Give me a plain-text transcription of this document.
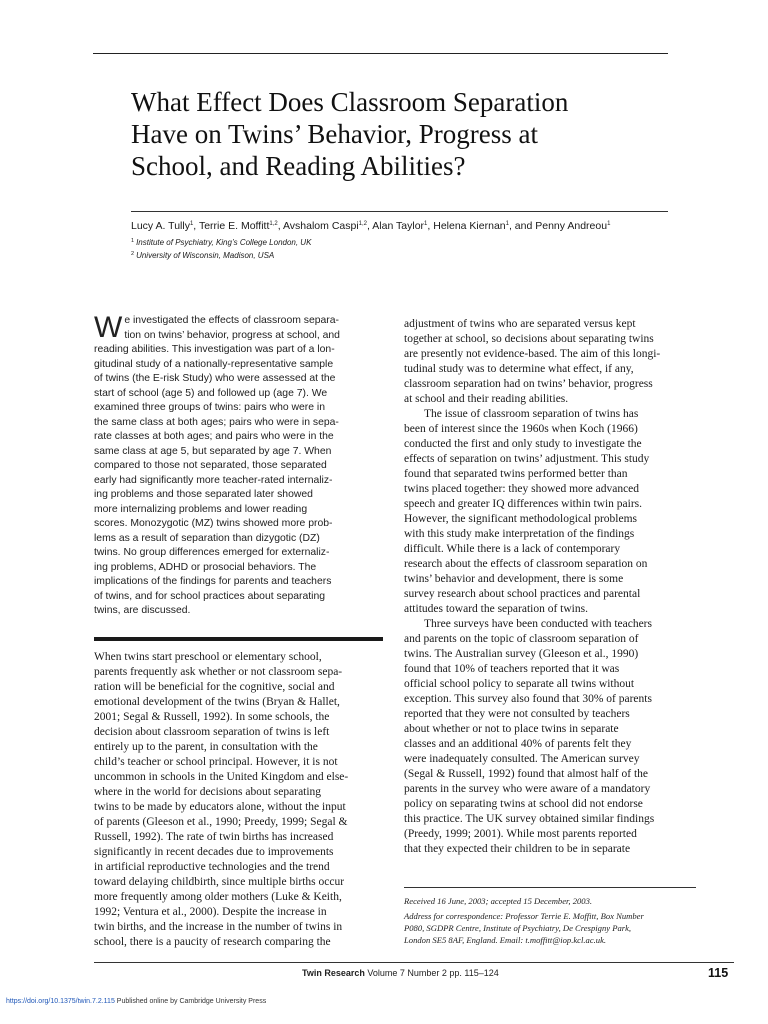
What Effect Does Classroom Separation
Have on Twins’ Behavior, Progress at
School, and Reading Abilities?
Lucy A. Tully$^1$, Terrie E. Moffitt$^{1,2}$, Avshalom Caspi$^{1,2}$, Alan Taylor$^1$, Helena Kiernan$^1$, and Penny Andreou$^1$
$^1$ Institute of Psychiatry, King’s College London, UK
$^2$ University of Wisconsin, Madison, USA
W e investigated the effects of classroom separa-
tion on twins’ behavior, progress at school, and
reading abilities. This investigation was part of a lon-
gitudinal study of a nationally-representative sample
of twins (the E-risk Study) who were assessed at the
start of school (age 5) and followed up (age 7). We
examined three groups of twins: pairs who were in
the same class at both ages; pairs who were in sepa-
rate classes at both ages; and pairs who were in the
same class at age 5, but separated by age 7. When
compared to those not separated, those separated
early had significantly more teacher-rated internaliz-
ing problems and those separated later showed
more internalizing problems and lower reading
scores. Monozygotic (MZ) twins showed more prob-
lems as a result of separation than dizygotic (DZ)
twins. No group differences emerged for externaliz-
ing problems, ADHD or prosocial behaviors. The
implications of the findings for parents and teachers
of twins, and for school practices about separating
twins, are discussed.
When twins start preschool or elementary school,
parents frequently ask whether or not classroom sepa-
ration will be beneficial for the cognitive, social and
emotional development of the twins (Bryan & Hallet,
2001; Segal & Russell, 1992). In some schools, the
decision about classroom separation of twins is left
entirely up to the parent, in consultation with the
child’s teacher or school principal. However, it is not
uncommon in schools in the United Kingdom and else-
where in the world for decisions about separating
twins to be made by educators alone, without the input
of parents (Gleeson et al., 1990; Preedy, 1999; Segal &
Russell, 1992). The rate of twin births has increased
significantly in recent decades due to improvements
in artificial reproductive technologies and the trend
toward delaying childbirth, since multiple births occur
more frequently among older mothers (Luke & Keith,
1992; Ventura et al., 2000). Despite the increase in
twin births, and the increase in the number of twins in
school, there is a paucity of research comparing the
adjustment of twins who are separated versus kept
together at school, so decisions about separating twins
are presently not evidence-based. The aim of this longi-
tudinal study was to determine what effect, if any,
classroom separation had on twins’ behavior, progress
at school and their reading abilities.
The issue of classroom separation of twins has
been of interest since the 1960s when Koch (1966)
conducted the first and only study to investigate the
effects of separation on twins’ adjustment. This study
found that separated twins performed better than
twins placed together: they showed more advanced
speech and greater IQ differences within twin pairs.
However, the significant methodological problems
with this study make interpretation of the findings
difficult. While there is a lack of contemporary
research about the effects of classroom separation on
twins’ behavior and development, there is some
survey research about school practices and parental
attitudes toward the separation of twins.
Three surveys have been conducted with teachers
and parents on the topic of classroom separation of
twins. The Australian survey (Gleeson et al., 1990)
found that 10% of teachers reported that it was
official school policy to separate all twins without
exception. This survey also found that 30% of parents
reported that they were not consulted by teachers
about whether or not to place twins in separate
classes and an additional 40% of parents felt they
were inadequately consulted. The American survey
(Segal & Russell, 1992) found that almost half of the
parents in the survey who were aware of a mandatory
policy on separating twins at school did not endorse
this practice. The UK survey obtained similar findings
(Preedy, 1999; 2001). While most parents reported
that they expected their children to be in separate
Received 16 June, 2003; accepted 15 December, 2003.
Address for correspondence: Professor Terrie E. Moffitt, Box Number
P080, SGDPR Centre, Institute of Psychiatry, De Crespigny Park,
London SE5 8AF, England. Email: t.moffitt@iop.kcl.ac.uk.
Twin Research Volume 7 Number 2 pp. 115–124	115
https://doi.org/10.1375/twin.7.2.115 Published online by Cambridge University Press
